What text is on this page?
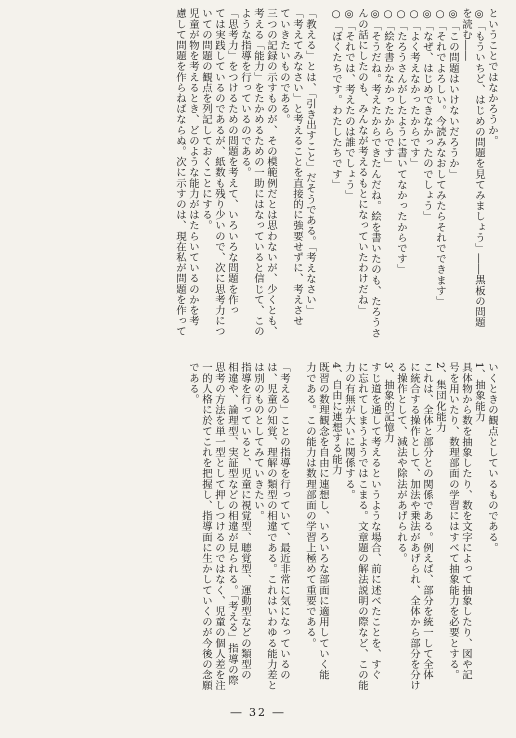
ということではなかろうか。
◎「もういちど、はじめの問題を見てみましょう」――黒板の問題
を読む――
◎「この問題はいけないだろうか」
○「それでよろしい。今読みなおしてみたらそれでできます」
◎「なぜ、はじめできなかったのでしょう」
○「よく考えなかったからです」
○「たろうさんがしたように書いてなかったからです」
○「絵を書かなかったからです」
◎「そうだね。考えたからできたんだね。絵を書いたのも、たろうさ
んの話にしたのも、みんなが考えるもとになっていたわけだね」
◎「それでは、考えたのは誰でしょう」
○「ぼくたちです。わたしたちです」

「教える」とは、「引き出すこと」だそうである。「考えなさい」
「考えてみなさい」と考えることを直接的に強要せずに、考えさせ
ていきたいものである。
三つの記録の示すものが、その模範例だとは思わないが、少くとも、
考える「能力」をたかめるための一助にはなっていると信じて、この
ような指導を行っているのである。
「思考力」をつけるための問題を考えて、いろいろな問題を作っ
ては実践しているのであるが、紙数も残り少いので、次に思考力につ
いての問題の観点を列記しておくことにする。
児童が物を考えるとき、どのような能力がはたらいているのかを考
慮して問題を作らねばならぬ。次に示すのは、現在私が問題を作って
いくときの観点としているものである。
1、抽象能力
具体物から数を抽象したり、数を文字によって抽象したり、図や記
号を用いたり、数理部面の学習にはすべて抽象能力を必要とする。
2、集団化能力
これは、全体と部分との関係である。例えば、部分を統一して全体
に統合する操作として、加法や乗法があげられ、全体から部分を分け
る操作として、減法や除法があげられる。
3、抽象的記憶力
すじ道を通して考えるというような場合、前に述べたことを、すぐ
に忘れてしまうようではこまる。文章題の解法説明の際など、この能
力の有無が大いに関係する。
4、自由に連想する能力
既習の数理観念を自由に連想し、いろいろな部面に適用していく能
力である。この能力は数理部面の学習上極めて重要である。

「考える」ことの指導を行っていて、最近非常に気になっているの
は、児童の知覚、理解の類型の相違である。これはいわゆる能力差と
は別のものとしてみていきたい。
指導を行っていると、児童に視覚型、聴覚型、運動型などの類型の
相違や、論理型、実証型などの相違が見られる。「考える」指導の際
思考の方法を単一型として押しつけるのではなく、児童の個人差を注
一的人格に於てこれを把握し、指導面に生かしていくのが今後の念願
である。
― 32 ―
